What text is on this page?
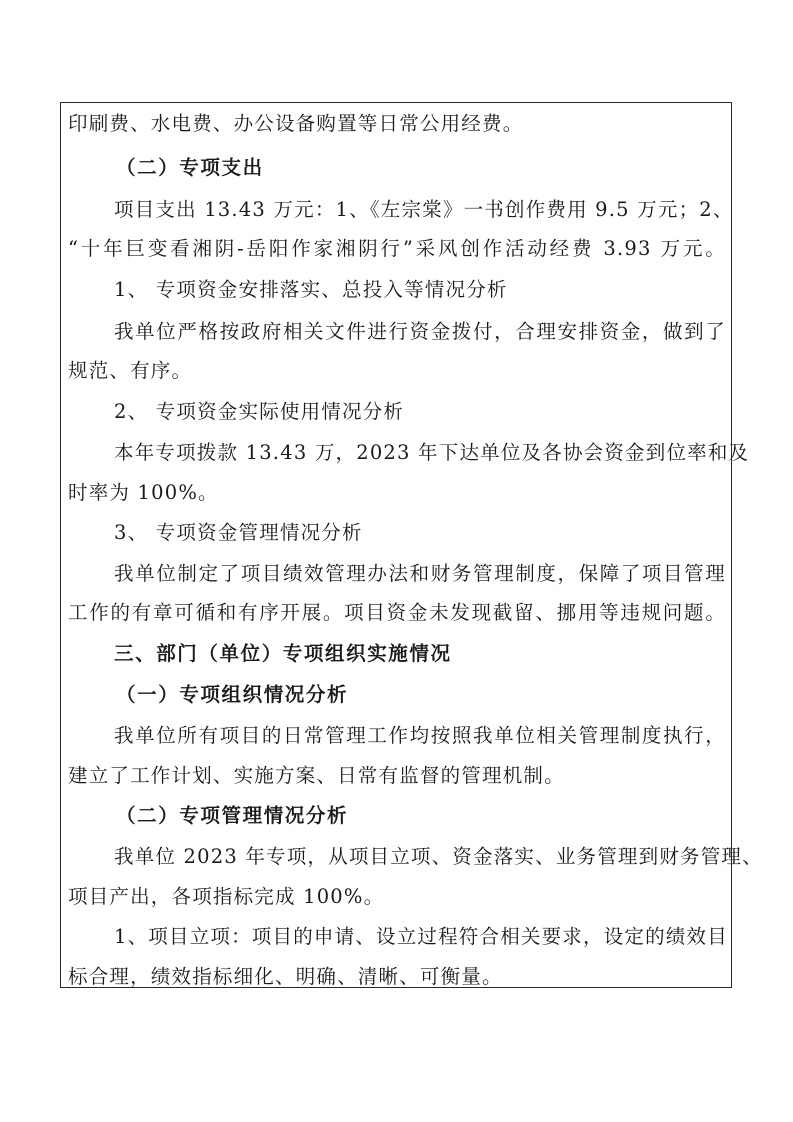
印刷费、水电费、办公设备购置等日常公用经费。
（二）专项支出
项目支出 13.43 万元：1、《左宗棠》一书创作费用 9.5 万元；2、
“十年巨变看湘阴-岳阳作家湘阴行”采风创作活动经费 3.93 万元。
1、 专项资金安排落实、总投入等情况分析
我单位严格按政府相关文件进行资金拨付，合理安排资金，做到了
规范、有序。
2、 专项资金实际使用情况分析
本年专项拨款 13.43 万，2023 年下达单位及各协会资金到位率和及
时率为 100%。
3、 专项资金管理情况分析
我单位制定了项目绩效管理办法和财务管理制度，保障了项目管理
工作的有章可循和有序开展。项目资金未发现截留、挪用等违规问题。
三、部门（单位）专项组织实施情况
（一）专项组织情况分析
我单位所有项目的日常管理工作均按照我单位相关管理制度执行，
建立了工作计划、实施方案、日常有监督的管理机制。
（二）专项管理情况分析
我单位 2023 年专项，从项目立项、资金落实、业务管理到财务管理、
项目产出，各项指标完成 100%。
1、项目立项：项目的申请、设立过程符合相关要求，设定的绩效目
标合理，绩效指标细化、明确、清晰、可衡量。
